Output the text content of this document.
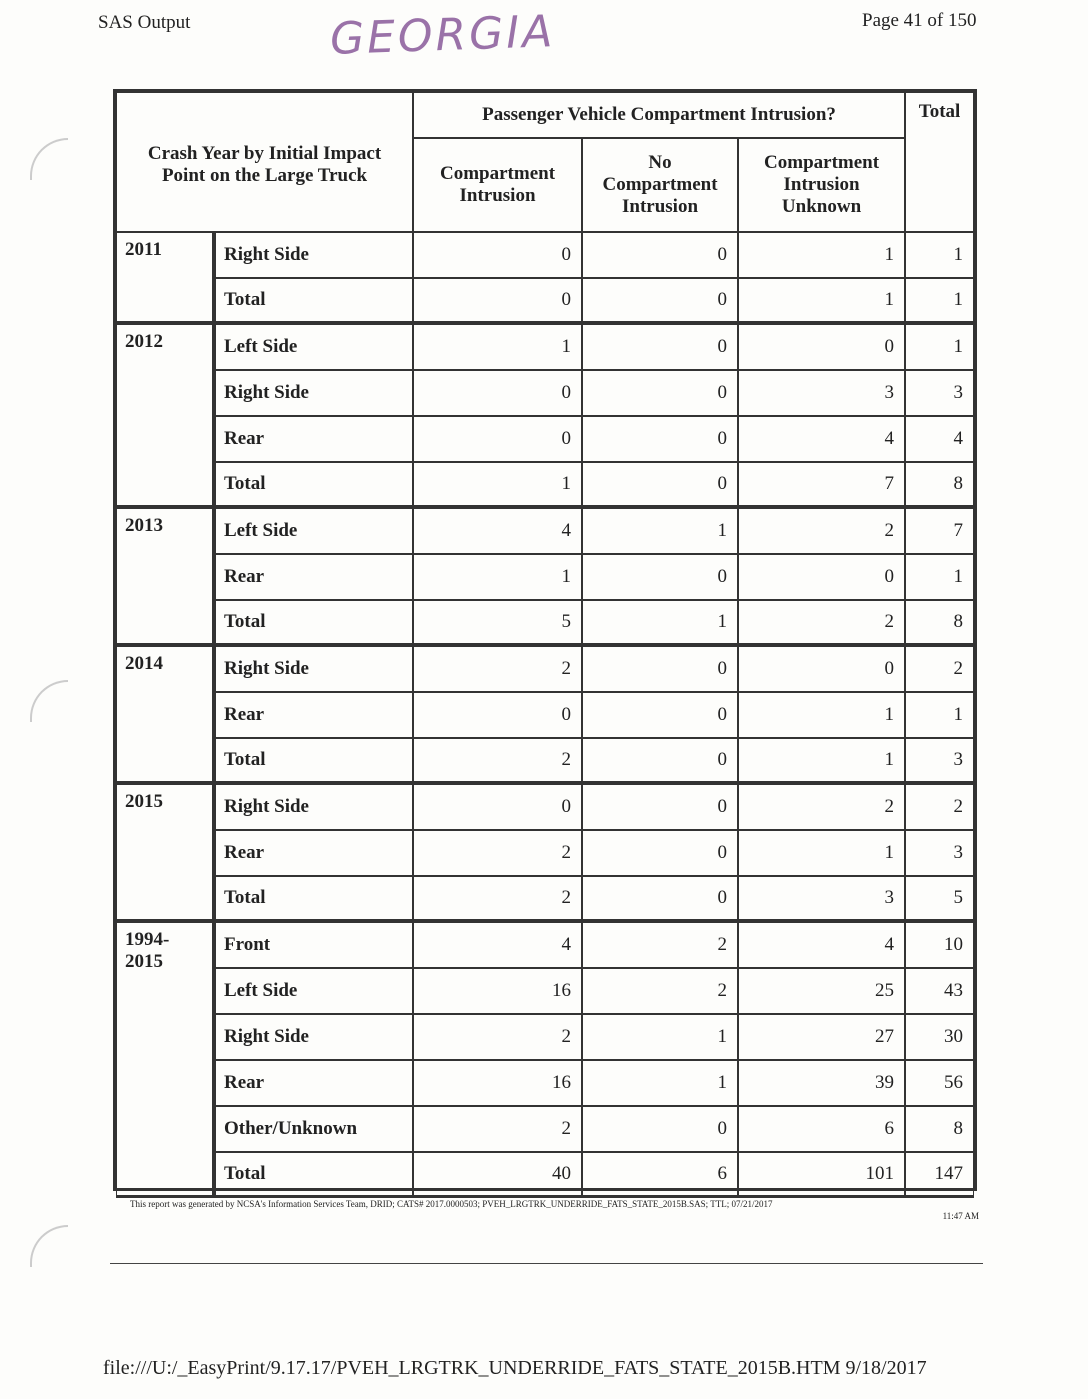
SAS Output	GEORGIA	Page 41 of 150
Crash Year by Initial Impact Point on the Large Truck		Passenger Vehicle Compartment Intrusion?			Total
		Compartment Intrusion	No Compartment Intrusion	Compartment Intrusion Unknown	
2011	Right Side	0	0	1	1
	Total	0	0	1	1
2012	Left Side	1	0	0	1
	Right Side	0	0	3	3
	Rear	0	0	4	4
	Total	1	0	7	8
2013	Left Side	4	1	2	7
	Rear	1	0	0	1
	Total	5	1	2	8
2014	Right Side	2	0	0	2
	Rear	0	0	1	1
	Total	2	0	1	3
2015	Right Side	0	0	2	2
	Rear	2	0	1	3
	Total	2	0	3	5
1994-2015	Front	4	2	4	10
	Left Side	16	2	25	43
	Right Side	2	1	27	30
	Rear	16	1	39	56
	Other/Unknown	2	0	6	8
	Total	40	6	101	147
This report was generated by NCSA's Information Services Team, DRID; CATS# 2017.0000503; PVEH_LRGTRK_UNDERRIDE_FATS_STATE_2015B.SAS; TTL; 07/21/2017
11:47 AM
file:///U:/_EasyPrint/9.17.17/PVEH_LRGTRK_UNDERRIDE_FATS_STATE_2015B.HTM 9/18/2017
